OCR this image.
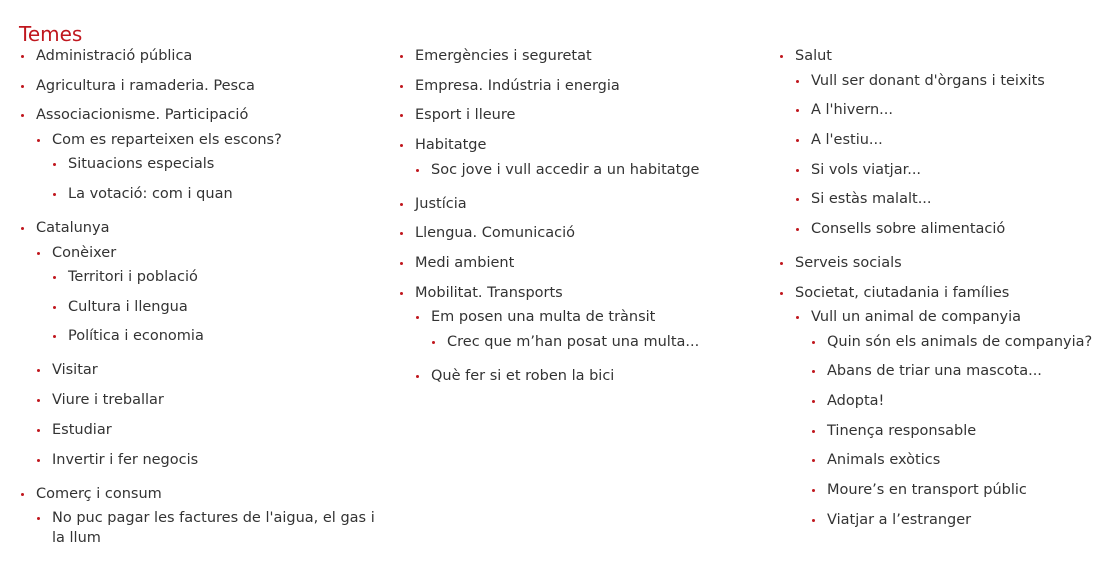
Temes
Administració pública
Agricultura i ramaderia. Pesca
Associacionisme. Participació
Com es reparteixen els escons?
Situacions especials
La votació: com i quan
Catalunya
Conèixer
Territori i població
Cultura i llengua
Política i economia
Visitar
Viure i treballar
Estudiar
Invertir i fer negocis
Comerç i consum
No puc pagar les factures de l'aigua, el gas i la llum
Emergències i seguretat
Empresa. Indústria i energia
Esport i lleure
Habitatge
Soc jove i vull accedir a un habitatge
Justícia
Llengua. Comunicació
Medi ambient
Mobilitat. Transports
Em posen una multa de trànsit
Crec que m’han posat una multa...
Què fer si et roben la bici
Salut
Vull ser donant d'òrgans i teixits
A l'hivern...
A l'estiu...
Si vols viatjar...
Si estàs malalt...
Consells sobre alimentació
Serveis socials
Societat, ciutadania i famílies
Vull un animal de companyia
Quin són els animals de companyia?
Abans de triar una mascota...
Adopta!
Tinença responsable
Animals exòtics
Moure’s en transport públic
Viatjar a l’estranger
